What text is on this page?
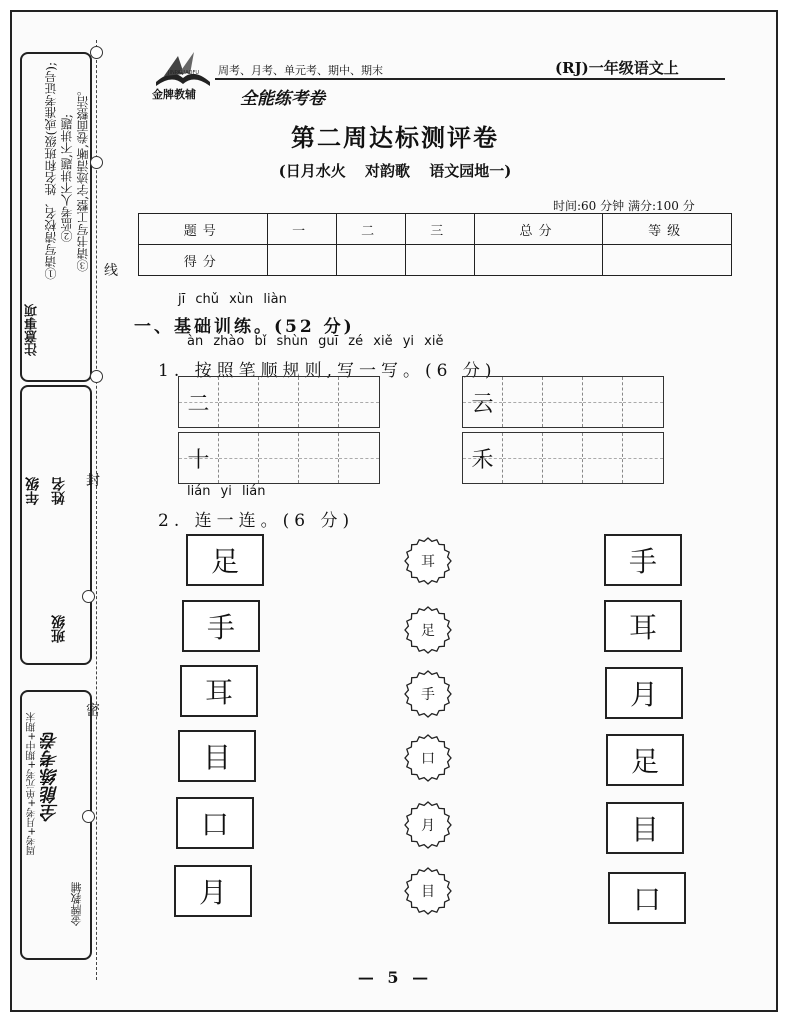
注意事项
①请写清校名、姓名和班级(或准考证号); ②监考人不讲题,不讲题; ③请书写工整,字迹清晰,卷面整洁。
年级 姓名
班级
周考+月考+单元考+期中+期末 全能练考卷
金牌教辅
线
封
密
JINPAIJIAOFU
金牌教辅
周考、月考、单元考、期中、期末	(RJ)一年级语文上
全能练考卷
第二周达标测评卷
(日月水火 对韵歌 语文园地一)
时间:60 分钟 满分:100 分
题号	一	二	三	总分	等级
得分					
jī chǔ xùn liàn
一、基础训练。(52 分)
àn zhào bǐ shùn guī zé xiě yi xiě
1. 按照笔顺规则,写一写。(6 分)
二	云
十	禾
lián yi lián
2. 连一连。(6 分)
足
手
耳
目
口
月
耳
足
手
口
月
目
手
耳
月
足
目
口
— 5 —
